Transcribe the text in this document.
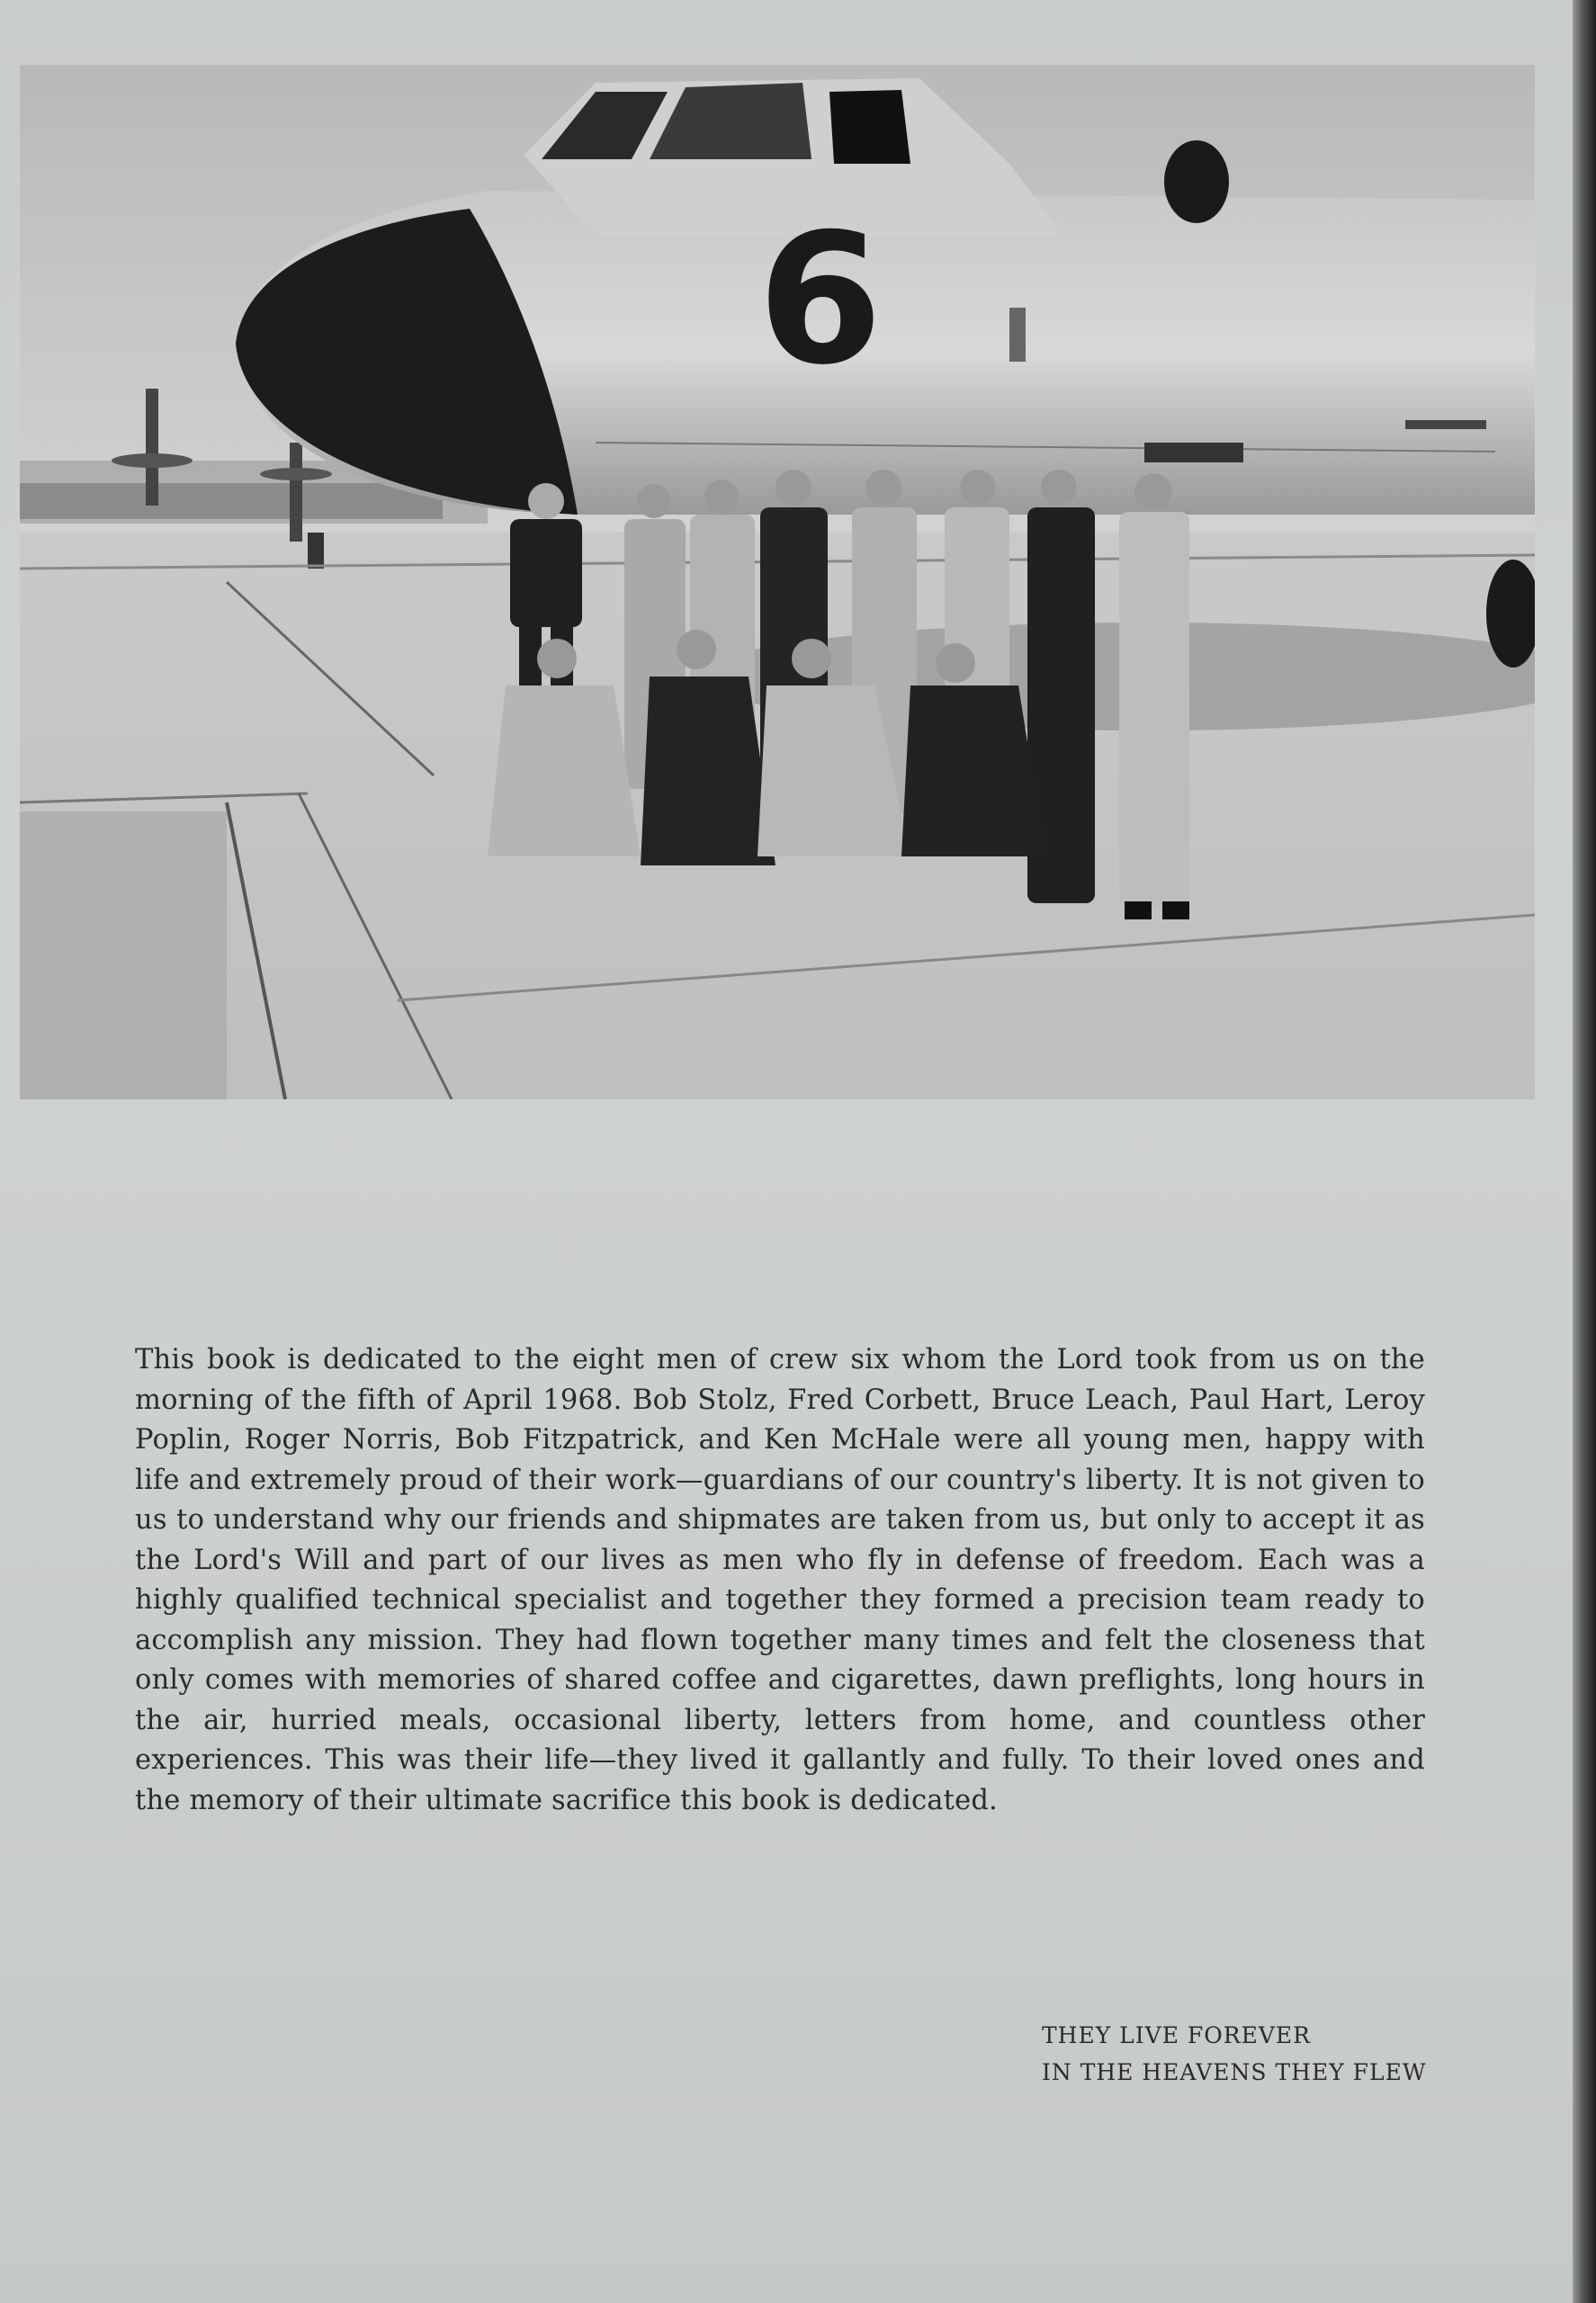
6

This book is dedicated to the eight men of crew six whom the Lord took from us on the morning of the fifth of April 1968. Bob Stolz, Fred Corbett, Bruce Leach, Paul Hart, Leroy Poplin, Roger Norris, Bob Fitzpatrick, and Ken McHale were all young men, happy with life and extremely proud of their work—guardians of our country's liberty. It is not given to us to understand why our friends and shipmates are taken from us, but only to accept it as the Lord's Will and part of our lives as men who fly in defense of freedom. Each was a highly qualified technical specialist and together they formed a precision team ready to accomplish any mission. They had flown together many times and felt the closeness that only comes with memories of shared coffee and cigarettes, dawn preflights, long hours in the air, hurried meals, occasional liberty, letters from home, and countless other experiences. This was their life—they lived it gallantly and fully. To their loved ones and the memory of their ultimate sacrifice this book is dedicated.

THEY LIVE FOREVER
IN THE HEAVENS THEY FLEW
